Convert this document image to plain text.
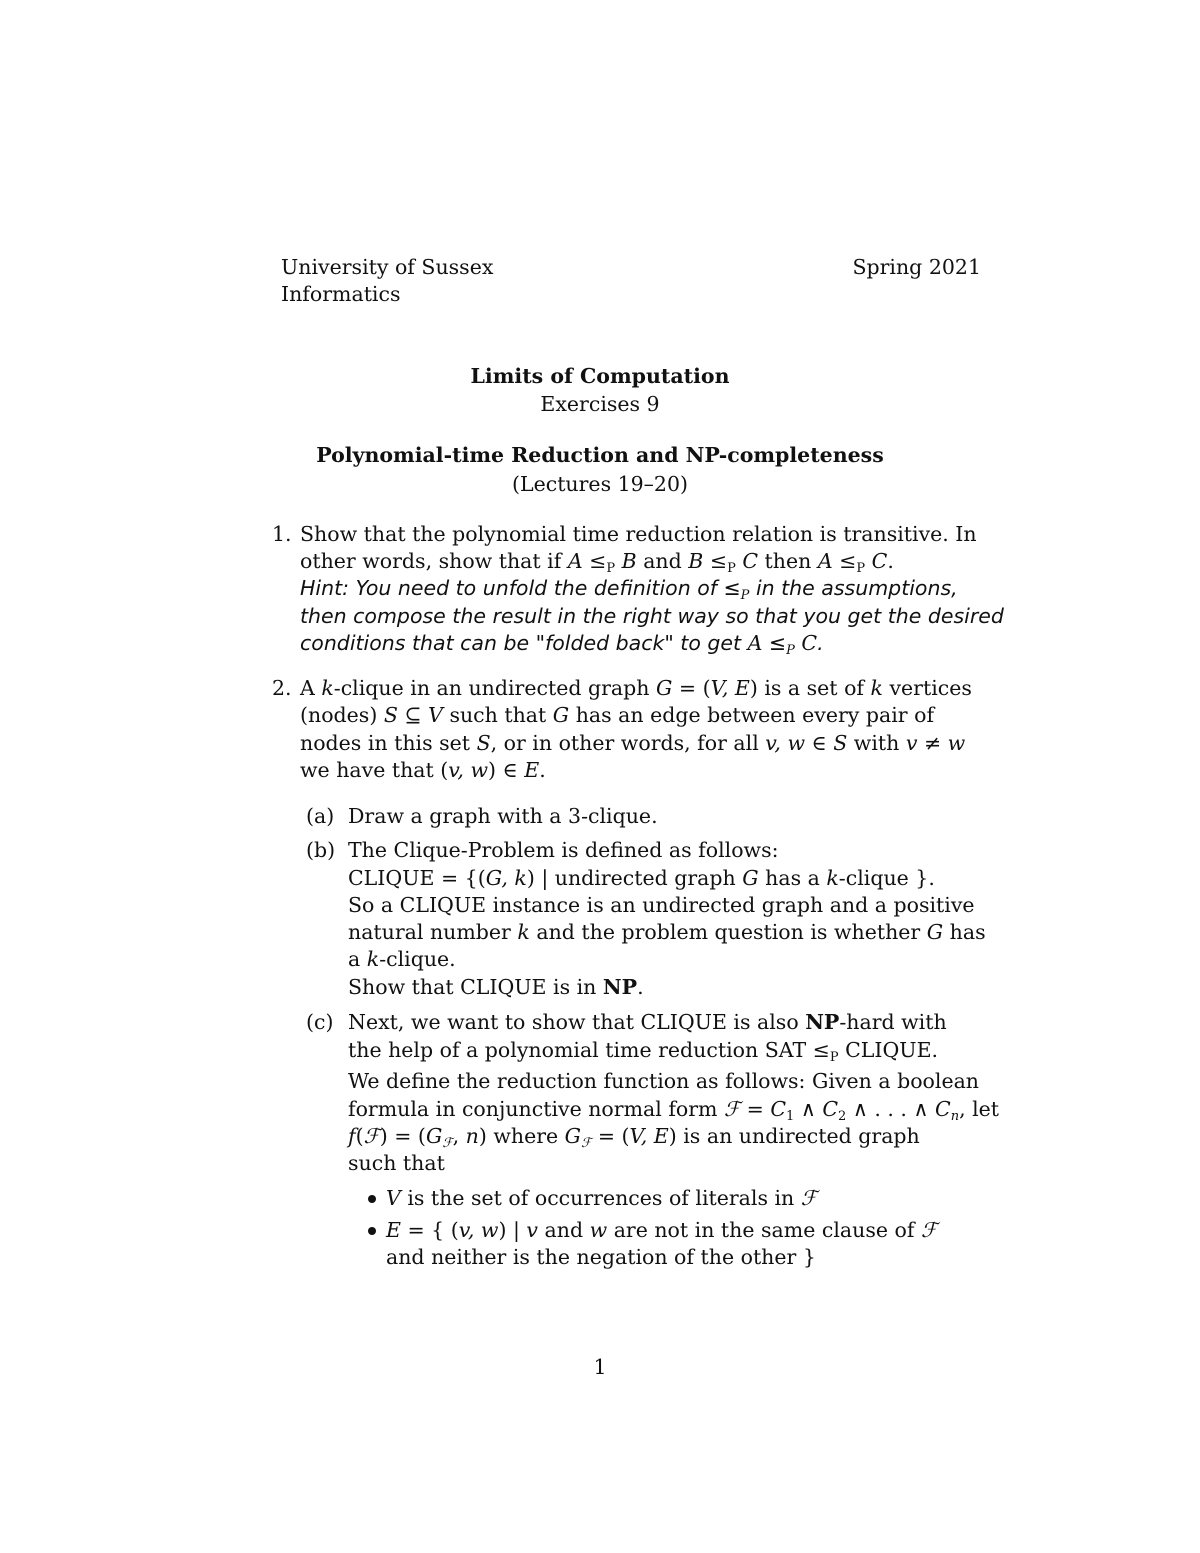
University of Sussex
Informatics
Spring 2021
Limits of Computation
Exercises 9
Polynomial-time Reduction and NP-completeness
(Lectures 19–20)
1. Show that the polynomial time reduction relation is transitive. In
other words, show that if A ≤P B and B ≤P C then A ≤P C.
Hint: You need to unfold the definition of ≤P in the assumptions,
then compose the result in the right way so that you get the desired
conditions that can be "folded back" to get A ≤P C.
2. A k-clique in an undirected graph G = (V, E) is a set of k vertices
(nodes) S ⊆ V such that G has an edge between every pair of
nodes in this set S, or in other words, for all v, w ∈ S with v ≠ w
we have that (v, w) ∈ E.
(a) Draw a graph with a 3-clique.
(b) The Clique-Problem is defined as follows:
CLIQUE = {(G, k) | undirected graph G has a k-clique }.
So a CLIQUE instance is an undirected graph and a positive
natural number k and the problem question is whether G has
a k-clique.
Show that CLIQUE is in NP.
(c) Next, we want to show that CLIQUE is also NP-hard with
the help of a polynomial time reduction SAT ≤P CLIQUE.
We define the reduction function as follows: Given a boolean
formula in conjunctive normal form ℱ = C1 ∧ C2 ∧ . . . ∧ $C_n$, let
f(ℱ) = ($G_ℱ$, n) where $G_ℱ = (V$, E) is an undirected graph
such that
V is the set of occurrences of literals in ℱ
E = { (v, w) | v and w are not in the same clause of ℱ
and neither is the negation of the other }
1
